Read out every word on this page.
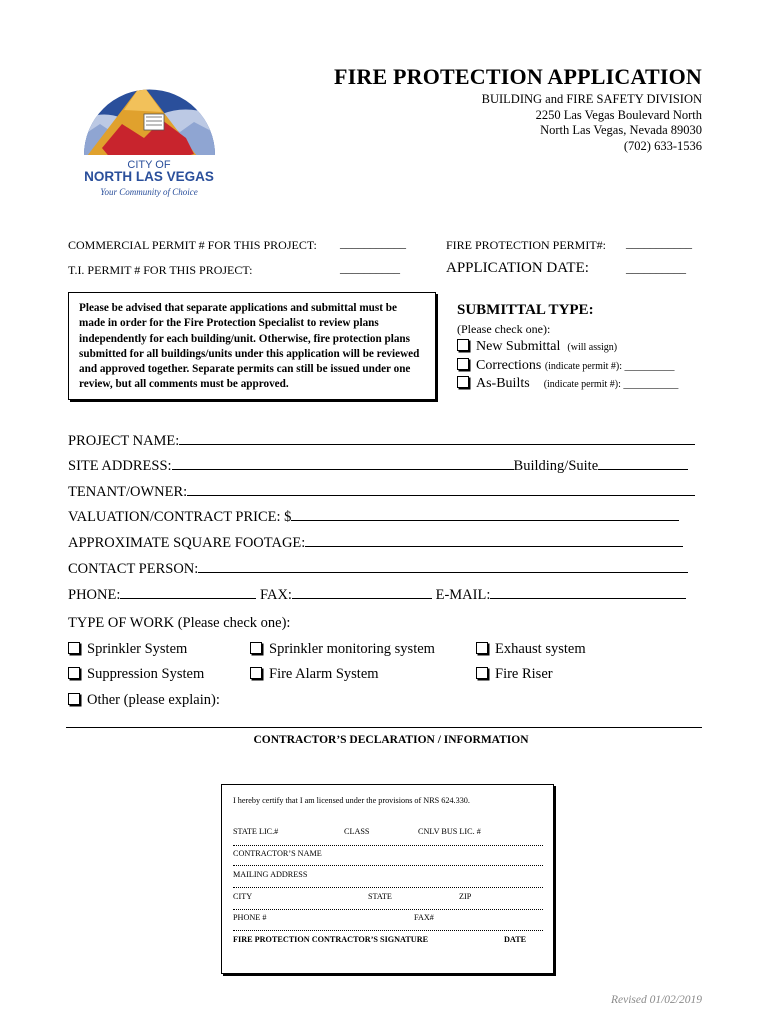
CITY OF
NORTH LAS VEGAS
Your Community of Choice
FIRE PROTECTION APPLICATION
BUILDING and FIRE SAFETY DIVISION
2250 Las Vegas Boulevard North
North Las Vegas, Nevada 89030
(702) 633-1536
COMMERCIAL PERMIT # FOR THIS PROJECT: ___________	FIRE PROTECTION PERMIT#: ___________
T.I. PERMIT # FOR THIS PROJECT:	__________	APPLICATION DATE:	__________
Please be advised that separate applications and submittal must be made in order for the Fire Protection Specialist to review plans independently for each building/unit. Otherwise, fire protection plans submitted for all buildings/units under this application will be reviewed and approved together. Separate permits can still be issued under one review, but all comments must be approved.
SUBMITTAL TYPE:
(Please check one):
New Submittal (will assign)
Corrections (indicate permit #): __________
As-Builts (indicate permit #): ___________
PROJECT NAME:
SITE ADDRESS:	Building/Suite
TENANT/OWNER:
VALUATION/CONTRACT PRICE: $
APPROXIMATE SQUARE FOOTAGE:
CONTACT PERSON:
PHONE:	FAX:	E-MAIL:
TYPE OF WORK (Please check one):
Sprinkler System	Sprinkler monitoring system	Exhaust system
Suppression System	Fire Alarm System	Fire Riser
Other (please explain):
CONTRACTOR’S DECLARATION / INFORMATION
I hereby certify that I am licensed under the provisions of NRS 624.330.
STATE LIC.#	CLASS	CNLV BUS LIC. #
CONTRACTOR’S NAME
MAILING ADDRESS
CITY	STATE	ZIP
PHONE #	FAX#
FIRE PROTECTION CONTRACTOR’S SIGNATURE	DATE
Revised 01/02/2019
